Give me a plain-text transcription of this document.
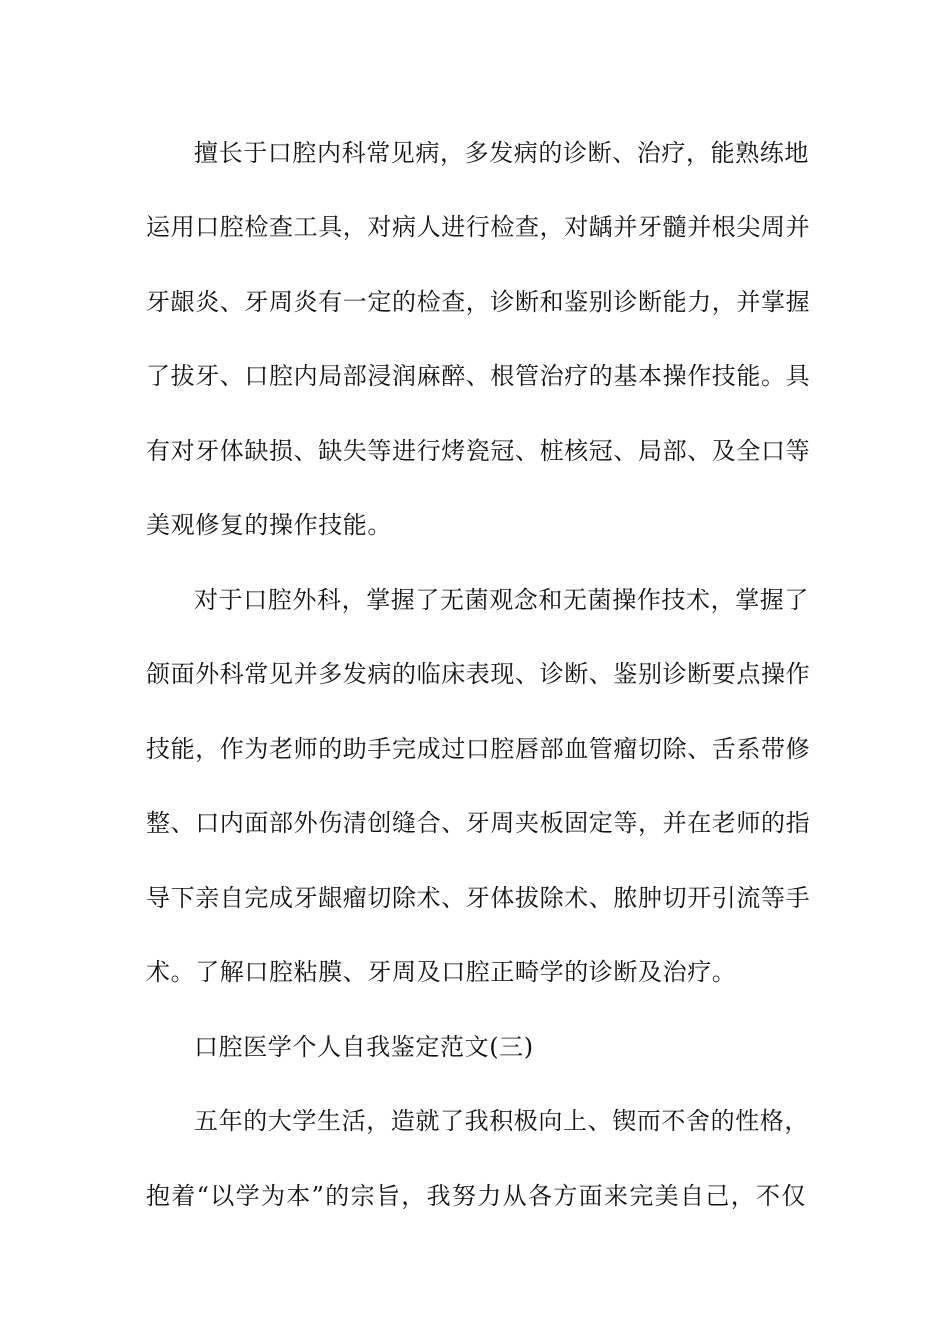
擅长于口腔内科常见病，多发病的诊断、治疗，能熟练地
运用口腔检查工具，对病人进行检查，对龋并牙髓并根尖周并
牙龈炎、牙周炎有一定的检查，诊断和鉴别诊断能力，并掌握
了拔牙、口腔内局部浸润麻醉、根管治疗的基本操作技能。具
有对牙体缺损、缺失等进行烤瓷冠、桩核冠、局部、及全口等
美观修复的操作技能。
对于口腔外科，掌握了无菌观念和无菌操作技术，掌握了
颌面外科常见并多发病的临床表现、诊断、鉴别诊断要点操作
技能，作为老师的助手完成过口腔唇部血管瘤切除、舌系带修
整、口内面部外伤清创缝合、牙周夹板固定等，并在老师的指
导下亲自完成牙龈瘤切除术、牙体拔除术、脓肿切开引流等手
术。了解口腔粘膜、牙周及口腔正畸学的诊断及治疗。
口腔医学个人自我鉴定范文(三)
五年的大学生活，造就了我积极向上、锲而不舍的性格，
抱着“以学为本”的宗旨，我努力从各方面来完美自己，不仅
